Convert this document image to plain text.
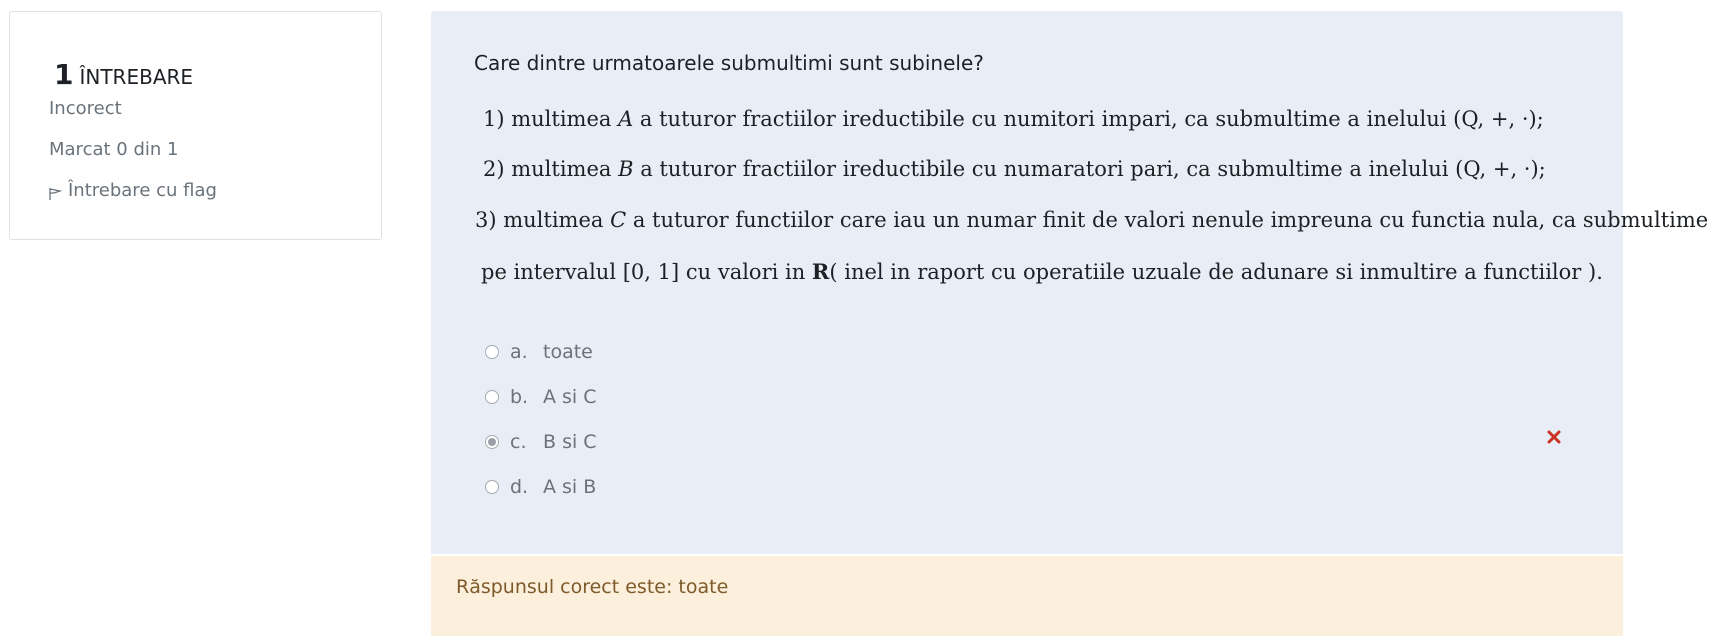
1 ÎNTREBARE
Incorect
Marcat 0 din 1
Întrebare cu flag
Care dintre urmatoarele submultimi sunt subinele?
1) multimea A a tuturor fractiilor ireductibile cu numitori impari, ca submultime a inelului (Q, +, ·);
2) multimea B a tuturor fractiilor ireductibile cu numaratori pari, ca submultime a inelului (Q, +, ·);
3) multimea C a tuturor functiilor care iau un numar finit de valori nenule impreuna cu functia nula, ca submultime
pe intervalul [0, 1] cu valori in R( inel in raport cu operatiile uzuale de adunare si inmultire a functiilor ).
a. toate
b. A si C
c. B si C
d. A si B
Răspunsul corect este: toate
